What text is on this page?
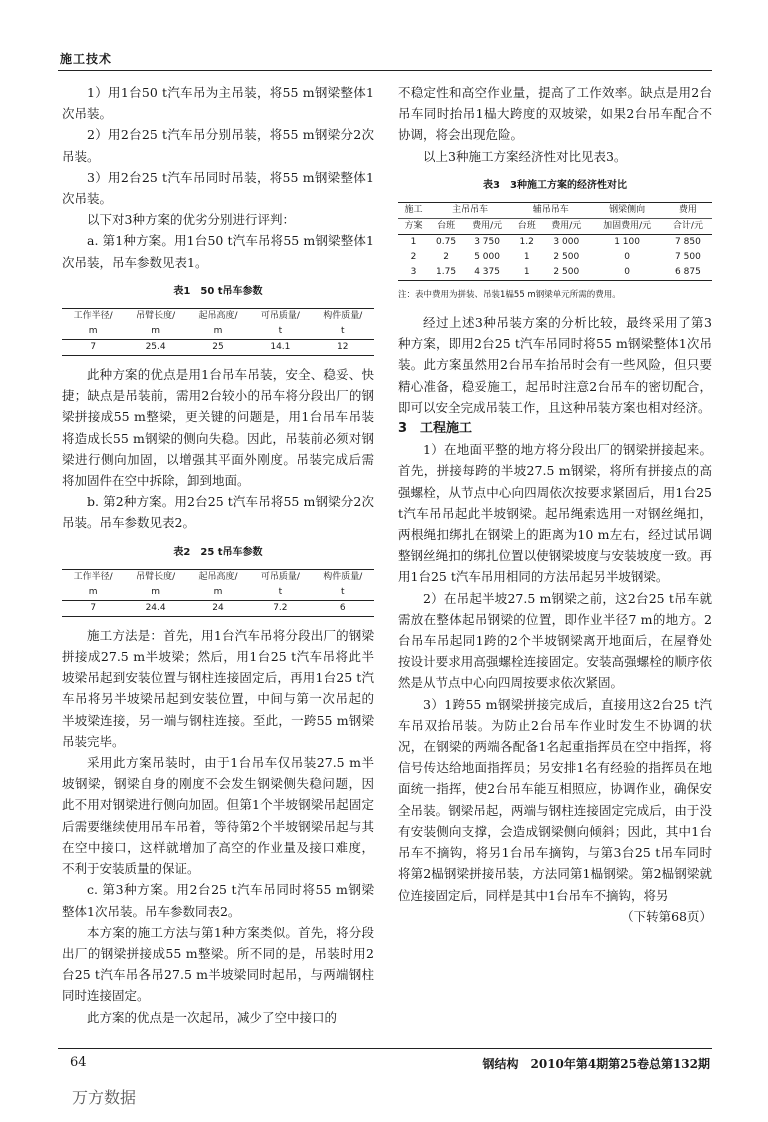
施工技术

1）用1台50 t汽车吊为主吊装，将55 m钢梁整体1次吊装。

2）用2台25 t汽车吊分别吊装，将55 m钢梁分2次吊装。

3）用2台25 t汽车吊同时吊装，将55 m钢梁整体1次吊装。

以下对3种方案的优劣分别进行评判：

a. 第1种方案。用1台50 t汽车吊将55 m钢梁整体1次吊装，吊车参数见表1。

表1　50 t吊车参数
工作半径/	吊臂长度/	起吊高度/	可吊质量/	构件质量/
m	m	m	t	t
7	25.4	25	14.1	12

此种方案的优点是用1台吊车吊装，安全、稳妥、快捷；缺点是吊装前，需用2台较小的吊车将分段出厂的钢梁拼接成55 m整梁，更关键的问题是，用1台吊车吊装将造成长55 m钢梁的侧向失稳。因此，吊装前必须对钢梁进行侧向加固，以增强其平面外刚度。吊装完成后需将加固件在空中拆除，卸到地面。

b. 第2种方案。用2台25 t汽车吊将55 m钢梁分2次吊装。吊车参数见表2。

表2　25 t吊车参数
工作半径/	吊臂长度/	起吊高度/	可吊质量/	构件质量/
m	m	m	t	t
7	24.4	24	7.2	6

施工方法是：首先，用1台汽车吊将分段出厂的钢梁拼接成27.5 m半坡梁；然后，用1台25 t汽车吊将此半坡梁吊起到安装位置与钢柱连接固定后，再用1台25 t汽车吊将另半坡梁吊起到安装位置，中间与第一次吊起的半坡梁连接，另一端与钢柱连接。至此，一跨55 m钢梁吊装完毕。

采用此方案吊装时，由于1台吊车仅吊装27.5 m半坡钢梁，钢梁自身的刚度不会发生钢梁侧失稳问题，因此不用对钢梁进行侧向加固。但第1个半坡钢梁吊起固定后需要继续使用吊车吊着，等待第2个半坡钢梁吊起与其在空中接口，这样就增加了高空的作业量及接口难度，不利于安装质量的保证。

c. 第3种方案。用2台25 t汽车吊同时将55 m钢梁整体1次吊装。吊车参数同表2。

本方案的施工方法与第1种方案类似。首先，将分段出厂的钢梁拼接成55 m整梁。所不同的是，吊装时用2台25 t汽车吊各吊27.5 m半坡梁同时起吊，与两端钢柱同时连接固定。

此方案的优点是一次起吊，减少了空中接口的

不稳定性和高空作业量，提高了工作效率。缺点是用2台吊车同时抬吊1榀大跨度的双坡梁，如果2台吊车配合不协调，将会出现危险。

以上3种施工方案经济性对比见表3。

表3　3种施工方案的经济性对比
施工	主吊吊车		辅吊吊车		钢梁侧向	费用
方案	台班	费用/元	台班	费用/元	加固费用/元	合计/元
1	0.75	3 750	1.2	3 000	1 100	7 850
2	2	5 000	1	2 500	0	7 500
3	1.75	4 375	1	2 500	0	6 875
注：表中费用为拼装、吊装1榀55 m钢梁单元所需的费用。

经过上述3种吊装方案的分析比较，最终采用了第3种方案，即用2台25 t汽车吊同时将55 m钢梁整体1次吊装。此方案虽然用2台吊车抬吊时会有一些风险，但只要精心准备，稳妥施工，起吊时注意2台吊车的密切配合，即可以安全完成吊装工作，且这种吊装方案也相对经济。

3　工程施工

1）在地面平整的地方将分段出厂的钢梁拼接起来。首先，拼接每跨的半坡27.5 m钢梁，将所有拼接点的高强螺栓，从节点中心向四周依次按要求紧固后，用1台25 t汽车吊吊起此半坡钢梁。起吊绳索选用一对钢丝绳扣，两根绳扣绑扎在钢梁上的距离为10 m左右，经过试吊调整钢丝绳扣的绑扎位置以使钢梁坡度与安装坡度一致。再用1台25 t汽车吊用相同的方法吊起另半坡钢梁。

2）在吊起半坡27.5 m钢梁之前，这2台25 t吊车就需放在整体起吊钢梁的位置，即作业半径7 m的地方。2台吊车吊起同1跨的2个半坡钢梁离开地面后，在屋脊处按设计要求用高强螺栓连接固定。安装高强螺栓的顺序依然是从节点中心向四周按要求依次紧固。

3）1跨55 m钢梁拼接完成后，直接用这2台25 t汽车吊双抬吊装。为防止2台吊车作业时发生不协调的状况，在钢梁的两端各配备1名起重指挥员在空中指挥，将信号传达给地面指挥员；另安排1名有经验的指挥员在地面统一指挥，使2台吊车能互相照应，协调作业，确保安全吊装。钢梁吊起，两端与钢柱连接固定完成后，由于没有安装侧向支撑，会造成钢梁侧向倾斜；因此，其中1台吊车不摘钩，将另1台吊车摘钩，与第3台25 t吊车同时将第2榀钢梁拼接吊装，方法同第1榀钢梁。第2榀钢梁就位连接固定后，同样是其中1台吊车不摘钩，将另

（下转第68页）

64	钢结构　2010年第4期第25卷总第132期
万方数据
